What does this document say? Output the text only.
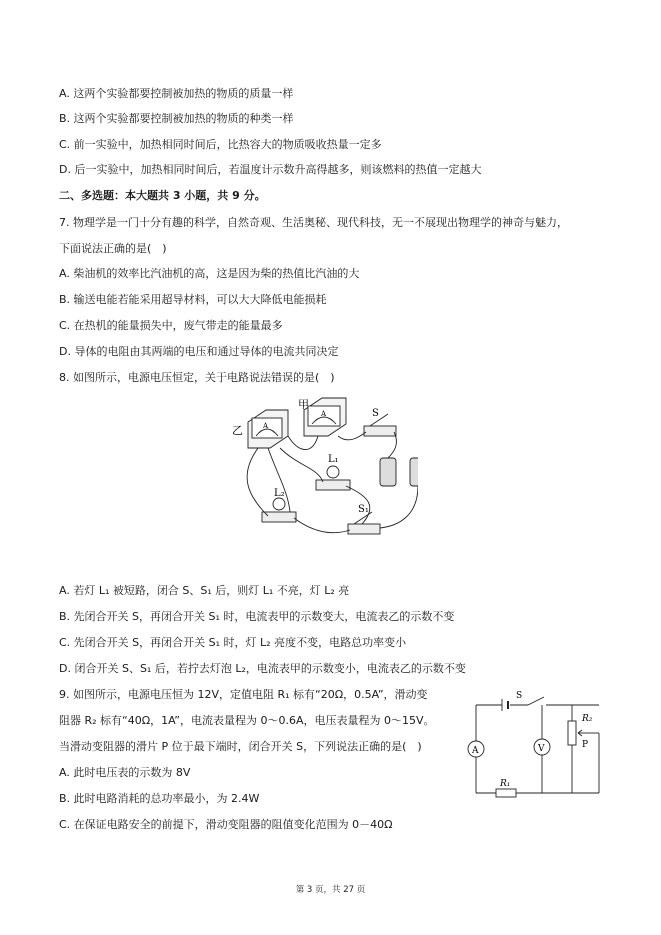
A. 这两个实验都要控制被加热的物质的质量一样
B. 这两个实验都要控制被加热的物质的种类一样
C. 前一实验中，加热相同时间后，比热容大的物质吸收热量一定多
D. 后一实验中，加热相同时间后，若温度计示数升高得越多，则该燃料的热值一定越大
二、多选题：本大题共 3 小题，共 9 分。
7. 物理学是一门十分有趣的科学，自然奇观、生活奥秘、现代科技，无一不展现出物理学的神奇与魅力，
下面说法正确的是(　)
A. 柴油机的效率比汽油机的高，这是因为柴的热值比汽油的大
B. 输送电能若能采用超导材料，可以大大降低电能损耗
C. 在热机的能量损失中，废气带走的能量最多
D. 导体的电阻由其两端的电压和通过导体的电流共同决定
8. 如图所示，电源电压恒定，关于电路说法错误的是(　)
乙
甲
A
A	S
L₁
L₂
S₁
A. 若灯 L₁ 被短路，闭合 S、S₁ 后，则灯 L₁ 不亮，灯 L₂ 亮
B. 先闭合开关 S，再闭合开关 S₁ 时，电流表甲的示数变大，电流表乙的示数不变
C. 先闭合开关 S，再闭合开关 S₁ 时，灯 L₂ 亮度不变，电路总功率变小
D. 闭合开关 S、S₁ 后，若拧去灯泡 L₂，电流表甲的示数变小，电流表乙的示数不变
9. 如图所示，电源电压恒为 12V，定值电阻 R₁ 标有“20Ω，0.5A”，滑动变
阻器 R₂ 标有“40Ω，1A”，电流表量程为 0～0.6A，电压表量程为 0～15V。
当滑动变阻器的滑片 P 位于最下端时，闭合开关 S，下列说法正确的是(　)
A. 此时电压表的示数为 8V
B. 此时电路消耗的总功率最小，为 2.4W
C. 在保证电路安全的前提下，滑动变阻器的阻值变化范围为 0－40Ω
S
R₂
P
R₁
A	V
第 3 页，共 27 页
